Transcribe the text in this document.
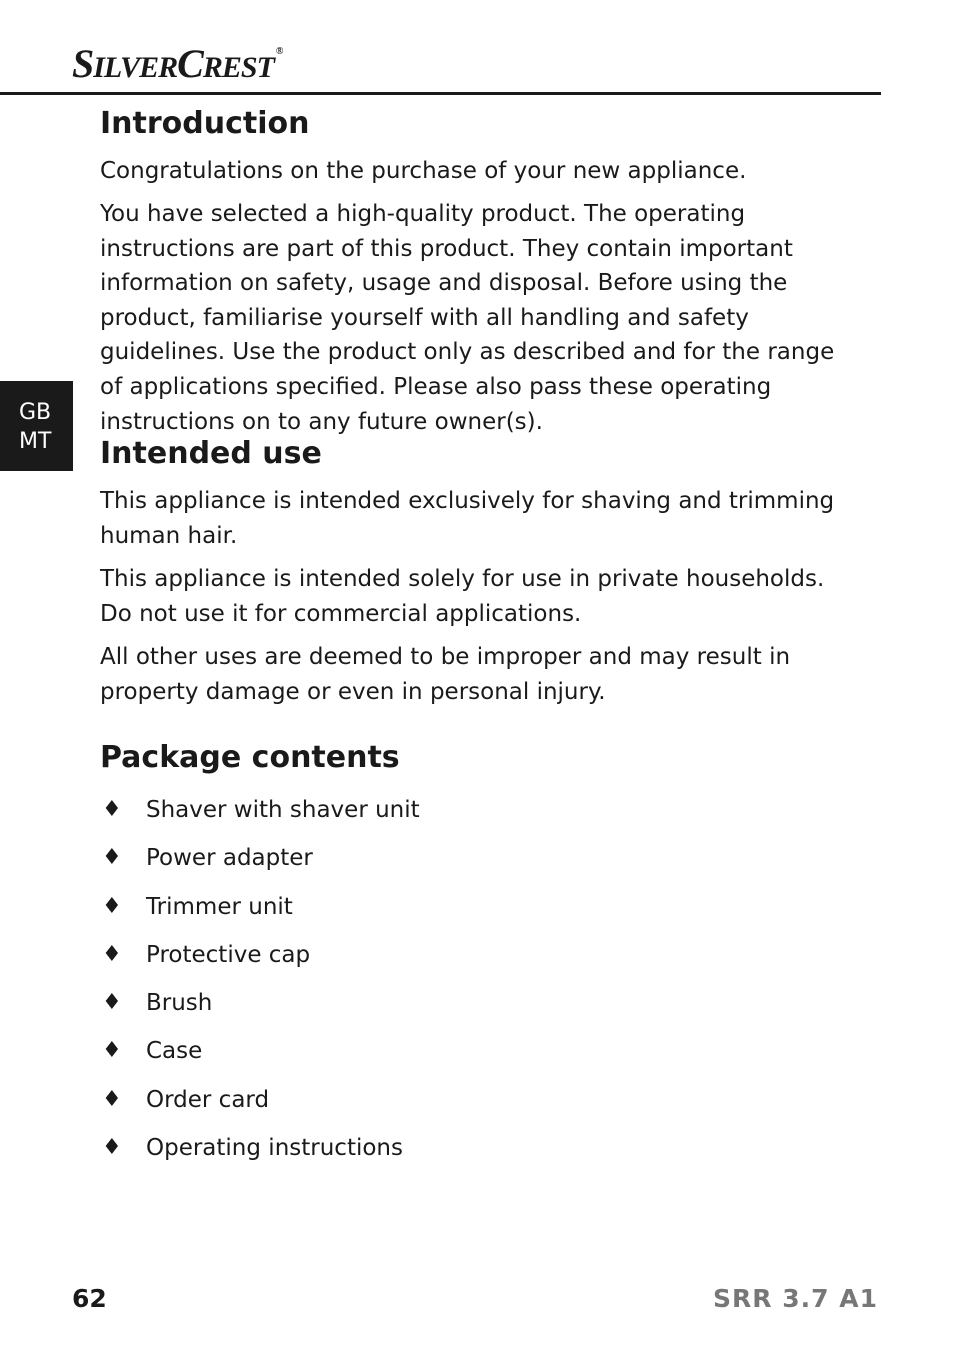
SILVERCREST ®
GB
MT
Introduction

Congratulations on the purchase of your new appliance.

You have selected a high-quality product. The operating instructions are part of this product. They contain important information on safety, usage and disposal. Before using the product, familiarise yourself with all handling and safety guidelines. Use the product only as described and for the range of applications specified. Please also pass these operating instructions on to any future owner(s).

Intended use

This appliance is intended exclusively for shaving and trimming human hair.

This appliance is intended solely for use in private households.
Do not use it for commercial applications.

All other uses are deemed to be improper and may result in property damage or even in personal injury.

Package contents
♦ Shaver with shaver unit
♦ Power adapter
♦ Trimmer unit
♦ Protective cap
♦ Brush
♦ Case
♦ Order card
♦ Operating instructions
62	SRR 3.7 A1
